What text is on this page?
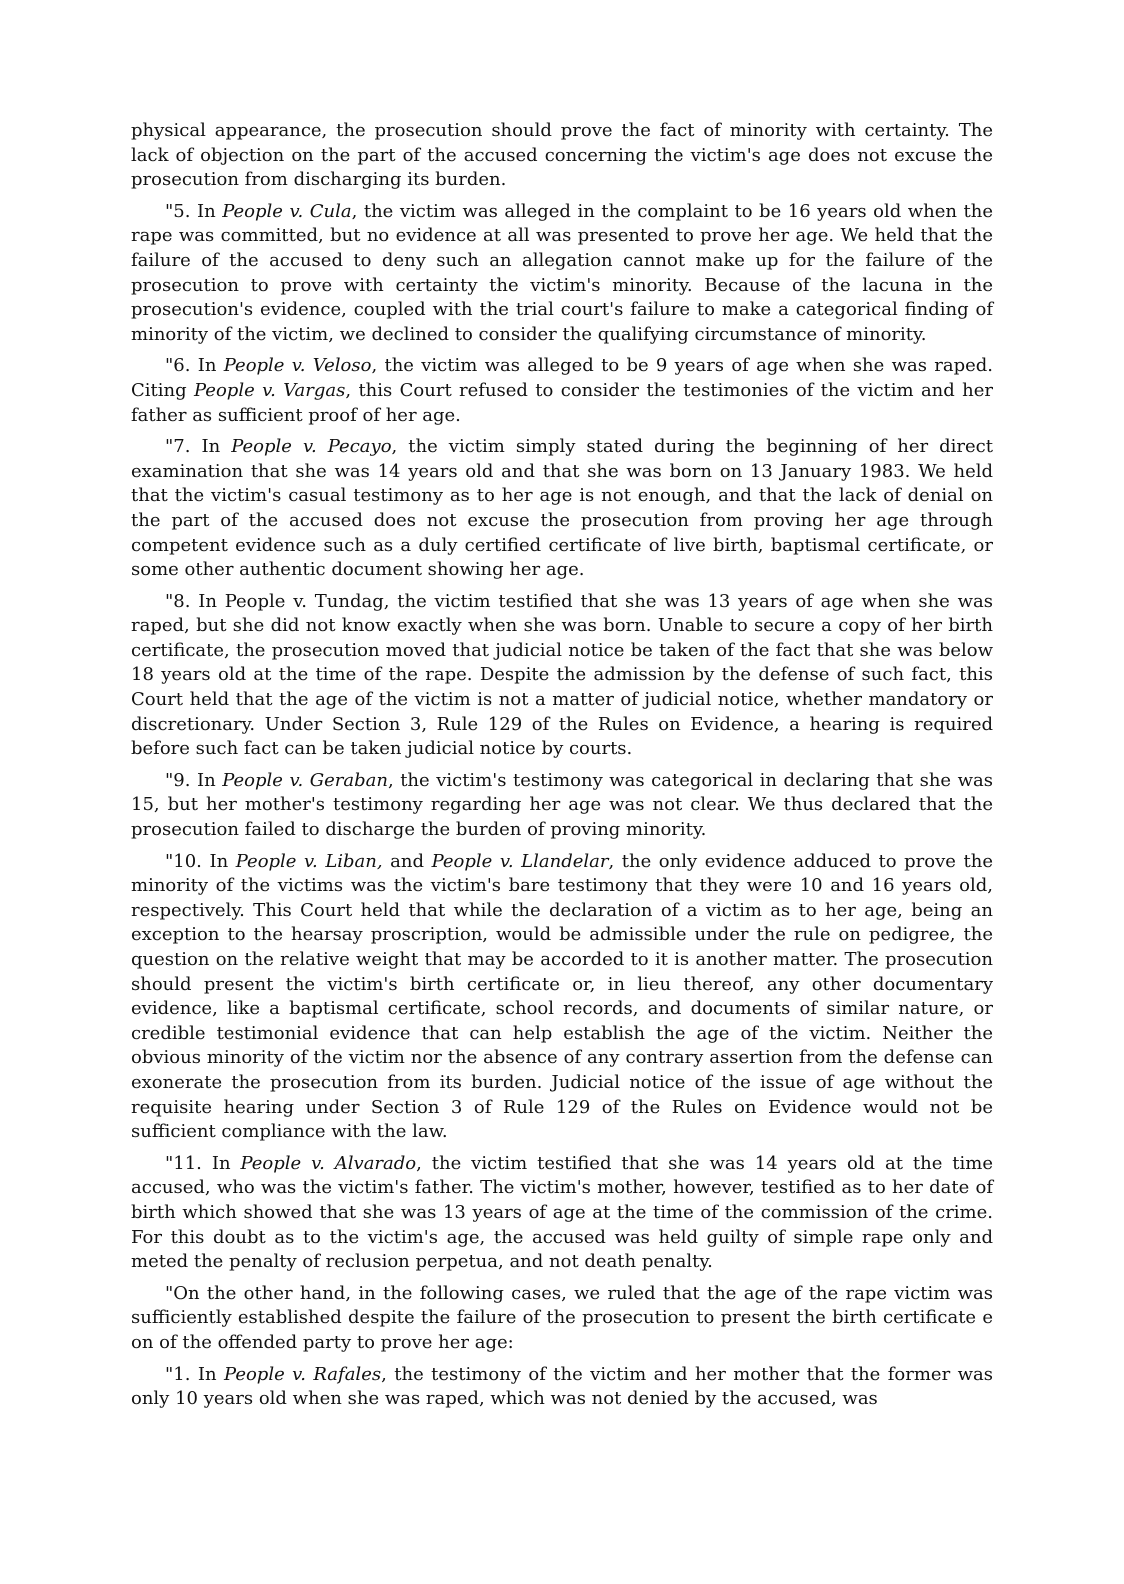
physical appearance, the prosecution should prove the fact of minority with certainty. The lack of objection on the part of the accused concerning the victim's age does not excuse the prosecution from discharging its burden.

"5. In People v. Cula, the victim was alleged in the complaint to be 16 years old when the rape was committed, but no evidence at all was presented to prove her age. We held that the failure of the accused to deny such an allegation cannot make up for the failure of the prosecution to prove with certainty the victim's minority. Because of the lacuna in the prosecution's evidence, coupled with the trial court's failure to make a categorical finding of minority of the victim, we declined to consider the qualifying circumstance of minority.

"6. In People v. Veloso, the victim was alleged to be 9 years of age when she was raped. Citing People v. Vargas, this Court refused to consider the testimonies of the victim and her father as sufficient proof of her age.

"7. In People v. Pecayo, the victim simply stated during the beginning of her direct examination that she was 14 years old and that she was born on 13 January 1983. We held that the victim's casual testimony as to her age is not enough, and that the lack of denial on the part of the accused does not excuse the prosecution from proving her age through competent evidence such as a duly certified certificate of live birth, baptismal certificate, or some other authentic document showing her age.

"8. In People v. Tundag, the victim testified that she was 13 years of age when she was raped, but she did not know exactly when she was born. Unable to secure a copy of her birth certificate, the prosecution moved that judicial notice be taken of the fact that she was below 18 years old at the time of the rape. Despite the admission by the defense of such fact, this Court held that the age of the victim is not a matter of judicial notice, whether mandatory or discretionary. Under Section 3, Rule 129 of the Rules on Evidence, a hearing is required before such fact can be taken judicial notice by courts.

"9. In People v. Geraban, the victim's testimony was categorical in declaring that she was 15, but her mother's testimony regarding her age was not clear. We thus declared that the prosecution failed to discharge the burden of proving minority.

"10. In People v. Liban, and People v. Llandelar, the only evidence adduced to prove the minority of the victims was the victim's bare testimony that they were 10 and 16 years old, respectively. This Court held that while the declaration of a victim as to her age, being an exception to the hearsay proscription, would be admissible under the rule on pedigree, the question on the relative weight that may be accorded to it is another matter. The prosecution should present the victim's birth certificate or, in lieu thereof, any other documentary evidence, like a baptismal certificate, school records, and documents of similar nature, or credible testimonial evidence that can help establish the age of the victim. Neither the obvious minority of the victim nor the absence of any contrary assertion from the defense can exonerate the prosecution from its burden. Judicial notice of the issue of age without the requisite hearing under Section 3 of Rule 129 of the Rules on Evidence would not be sufficient compliance with the law.

"11. In People v. Alvarado, the victim testified that she was 14 years old at the time accused, who was the victim's father. The victim's mother, however, testified as to her date of birth which showed that she was 13 years of age at the time of the commission of the crime. For this doubt as to the victim's age, the accused was held guilty of simple rape only and meted the penalty of reclusion perpetua, and not death penalty.

"On the other hand, in the following cases, we ruled that the age of the rape victim was sufficiently established despite the failure of the prosecution to present the birth certificate e on of the offended party to prove her age:

"1. In People v. Rafales, the testimony of the victim and her mother that the former was only 10 years old when she was raped, which was not denied by the accused, was
